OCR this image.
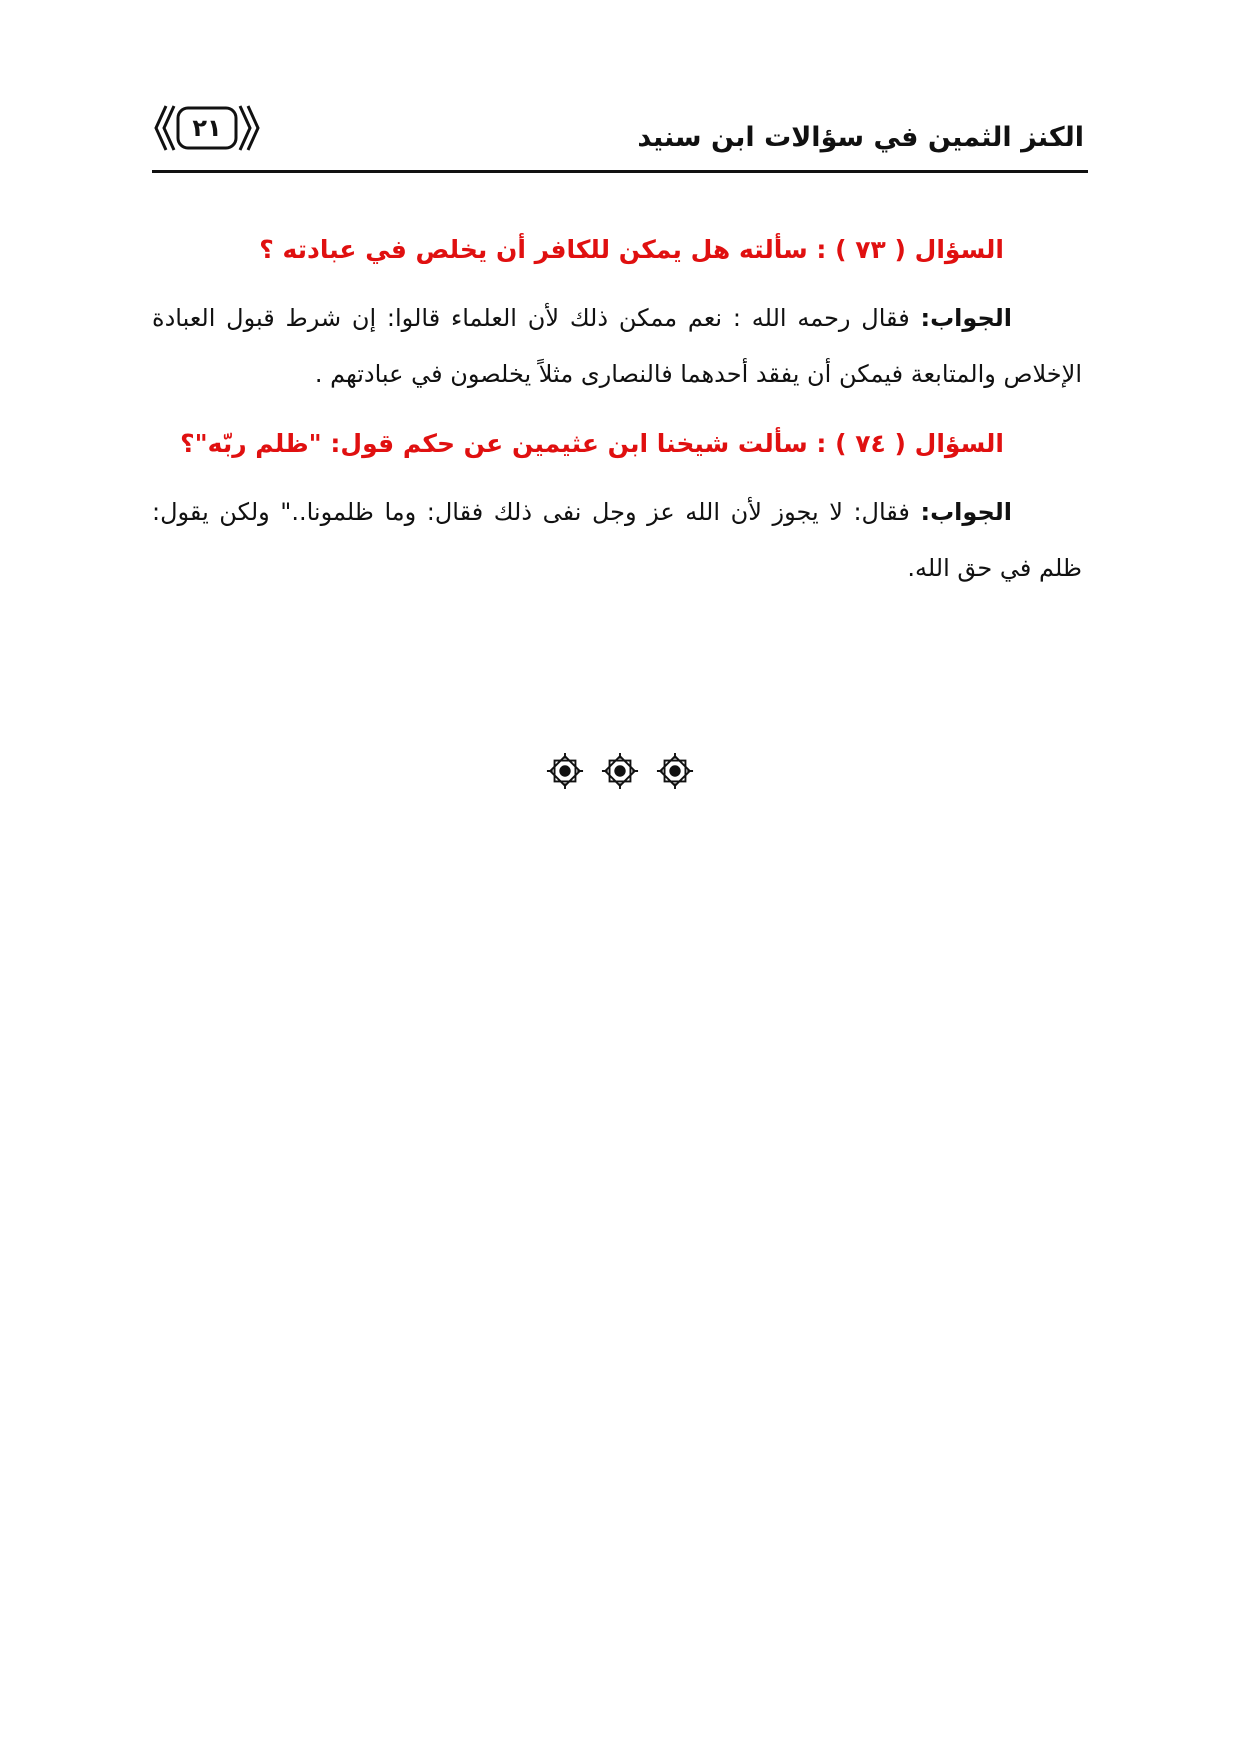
٢١	الكنز الثمين في سؤالات ابن سنيد
السؤال ( ٧٣ ) : سألته هل يمكن للكافر أن يخلص في عبادته ؟
الجواب: فقال رحمه الله : نعم ممكن ذلك لأن العلماء قالوا: إن شرط قبول العبادة الإخلاص والمتابعة فيمكن أن يفقد أحدهما فالنصارى مثلاً يخلصون في عبادتهم .
السؤال ( ٧٤ ) : سألت شيخنا ابن عثيمين عن حكم قول: "ظلم ربّه"؟
الجواب: فقال: لا يجوز لأن الله عز وجل نفى ذلك فقال: وما ظلمونا.." ولكن يقول: ظلم في حق الله.
